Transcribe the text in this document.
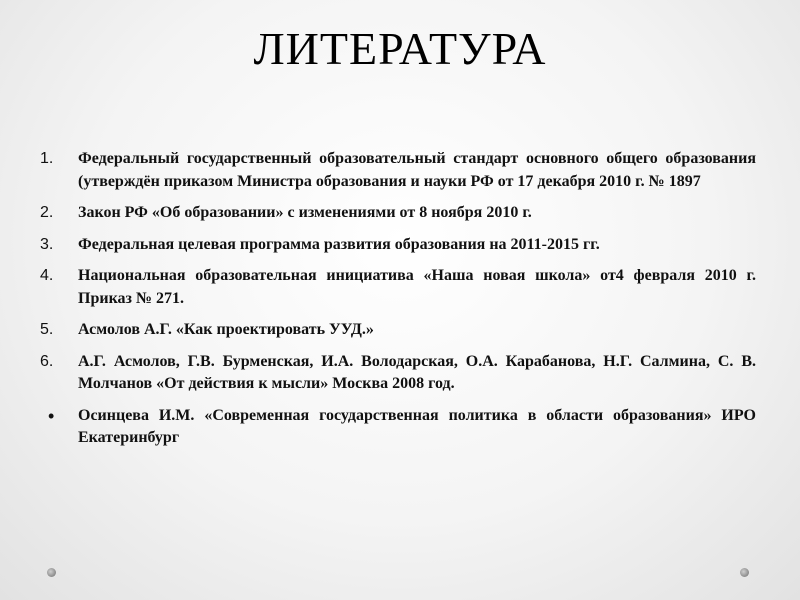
ЛИТЕРАТУРА
1.	Федеральный государственный образовательный стандарт основного общего образования (утверждён приказом Министра образования и науки РФ от 17 декабря 2010 г. № 1897
2.	Закон РФ «Об образовании» с изменениями от 8 ноября 2010 г.
3.	Федеральная целевая программа развития образования на 2011-2015 гг.
4.	Национальная образовательная инициатива «Наша новая школа» от4 февраля 2010 г. Приказ № 271.
5.	Асмолов А.Г. «Как проектировать УУД.»
6.	А.Г. Асмолов, Г.В. Бурменская, И.А. Володарская, О.А. Карабанова, Н.Г. Салмина, С. В. Молчанов «От действия к мысли» Москва 2008 год.
•	Осинцева И.М. «Современная государственная политика в области образования» ИРО Екатеринбург
